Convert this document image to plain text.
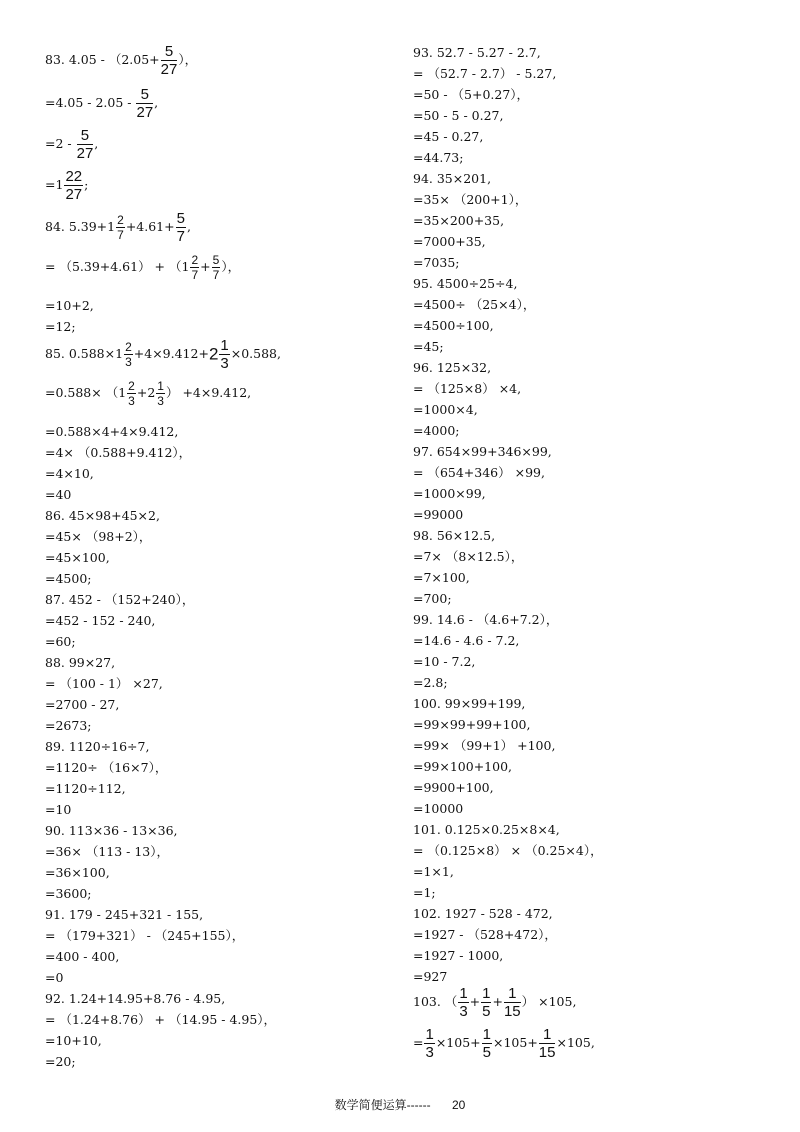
83. $4.05 - (2.05+ \frac{5}{27}$ ），
$=4.05 - 2.05 - \frac{5}{27}$ ,
$=2 - \frac{5}{27}$ ,
$=1 \frac{22}{27}$ ;
84. $5.39+1 \frac{2}{7} +4.61+ \frac{5}{7}$ ,
= $(5.39+4.61) + (1 \frac{2}{7} + \frac{5}{7}$ ），
=10+2,
=12;
85. $0.588\times 1 \frac{2}{3} +4\times 9.412+2 \frac{1}{3} \times 0.588$,
$=0.588\times (1 \frac{2}{3} +2 \frac{1}{3}$ ） +4×9.412,
=0.588×4+4×9.412,
=4× （0.588+9.412），
=4×10,
=40
86. 45×98+45×2,
=45× （98+2），
=45×100,
=4500;
87. 452 - （152+240），
=452 - 152 - 240,
=60;
88. 99×27,
= （100 - 1） ×27,
=2700 - 27,
=2673;
89. 1120÷16÷7,
=1120÷ （16×7），
=1120÷112,
=10
90. 113×36 - 13×36,
=36× （113 - 13），
=36×100,
=3600;
91. 179 - 245+321 - 155,
= （179+321） - （245+155），
=400 - 400,
=0
92. 1.24+14.95+8.76 - 4.95,
= （1.24+8.76） + （14.95 - 4.95），
=10+10,
=20;
93. 52.7 - 5.27 - 2.7,
= （52.7 - 2.7） - 5.27,
=50 - （5+0.27），
=50 - 5 - 0.27,
=45 - 0.27,
=44.73;
94. 35×201,
=35× （200+1），
=35×200+35,
=7000+35,
=7035;
95. 4500÷25÷4,
=4500÷ （25×4），
=4500÷100,
=45;
96. 125×32,
= （125×8） ×4,
=1000×4,
=4000;
97. 654×99+346×99,
= （654+346） ×99,
=1000×99,
=99000
98. 56×12.5,
=7× （8×12.5），
=7×100,
=700;
99. 14.6 - （4.6+7.2），
=14.6 - 4.6 - 7.2,
=10 - 7.2,
=2.8;
100. 99×99+199,
=99×99+99+100,
=99× （99+1） +100,
=99×100+100,
=9900+100,
=10000
101. 0.125×0.25×8×4,
= （0.125×8） × （0.25×4），
=1×1,
=1;
102. 1927 - 528 - 472,
=1927 - （528+472），
=1927 - 1000,
=927
103. （ $\frac{1}{3} + \frac{1}{5} + \frac{1}{15}$ ） ×105,
= $\frac{1}{3} \times 105+ \frac{1}{5} \times 105+ \frac{1}{15} \times 105$,
数学简便运算------ 20
